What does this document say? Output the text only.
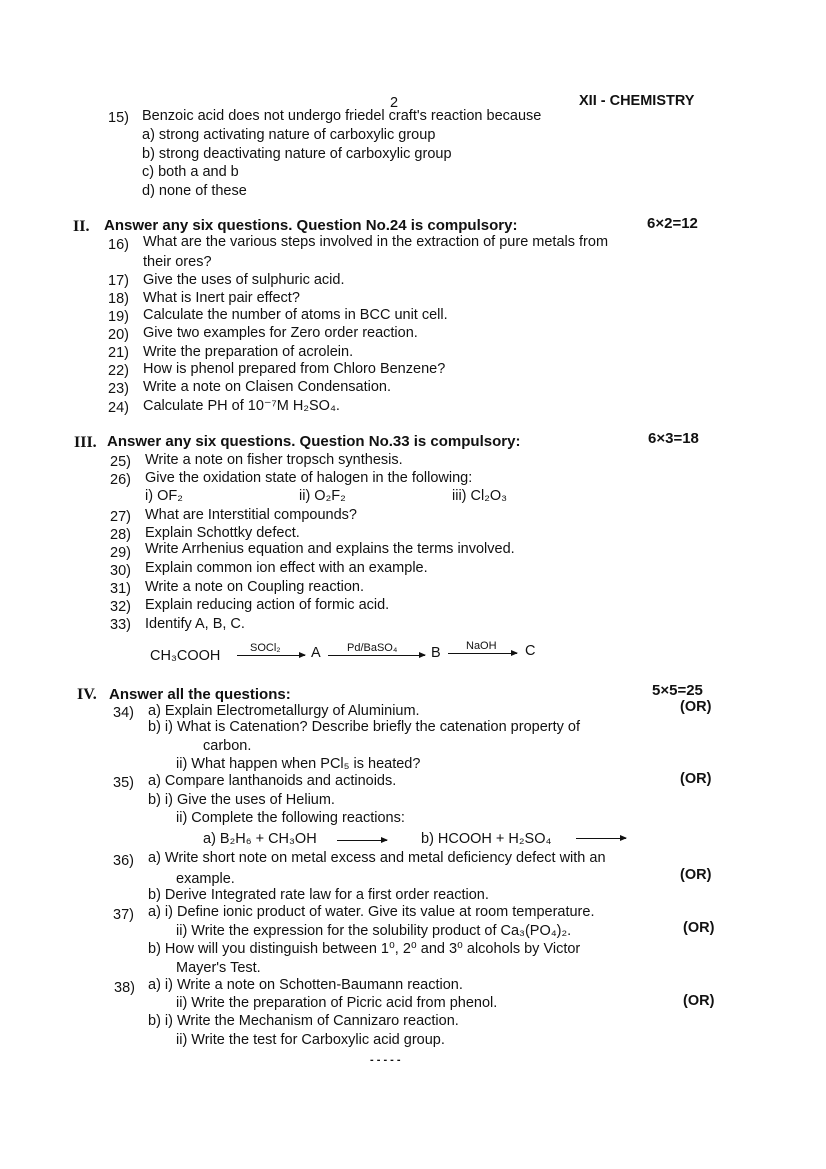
2	XII - CHEMISTRY
15) Benzoic acid does not undergo friedel craft's reaction because
a) strong activating nature of carboxylic group
b) strong deactivating nature of carboxylic group
c) both a and b
d) none of these
II. Answer any six questions. Question No.24 is compulsory:	6×2=12
16) What are the various steps involved in the extraction of pure metals from
their ores?
17) Give the uses of sulphuric acid.
18) What is Inert pair effect?
19) Calculate the number of atoms in BCC unit cell.
20) Give two examples for Zero order reaction.
21) Write the preparation of acrolein.
22) How is phenol prepared from Chloro Benzene?
23) Write a note on Claisen Condensation.
24) Calculate PH of 10⁻⁷M H₂SO₄.
III. Answer any six questions. Question No.33 is compulsory:	6×3=18
25) Write a note on fisher tropsch synthesis.
26) Give the oxidation state of halogen in the following:
i) OF₂	ii) O₂F₂	iii) Cl₂O₃
27) What are Interstitial compounds?
28) Explain Schottky defect.
29) Write Arrhenius equation and explains the terms involved.
30) Explain common ion effect with an example.
31) Write a note on Coupling reaction.
32) Explain reducing action of formic acid.
33) Identify A, B, C.
CH₃COOH	SOCl₂ A Pd/BaSO₄ B NaOH C
IV. Answer all the questions:	5×5=25
34) a) Explain Electrometallurgy of Aluminium.	(OR)
b) i) What is Catenation? Describe briefly the catenation property of
carbon.
ii) What happen when PCl₅ is heated?
35) a) Compare lanthanoids and actinoids.	(OR)
b) i) Give the uses of Helium.
ii) Complete the following reactions:
a) B₂H₆ + CH₃OH → b) HCOOH + H₂SO₄
36) a) Write short note on metal excess and metal deficiency defect with an
example.	(OR)
b) Derive Integrated rate law for a first order reaction.
37) a) i) Define ionic product of water. Give its value at room temperature.
ii) Write the expression for the solubility product of Ca₃(PO₄)₂.	(OR)
b) How will you distinguish between 1⁰, 2⁰ and 3⁰ alcohols by Victor
Mayer's Test.
38) a) i) Write a note on Schotten-Baumann reaction.
ii) Write the preparation of Picric acid from phenol.	(OR)
b) i) Write the Mechanism of Cannizaro reaction.
ii) Write the test for Carboxylic acid group.
- - - - -
